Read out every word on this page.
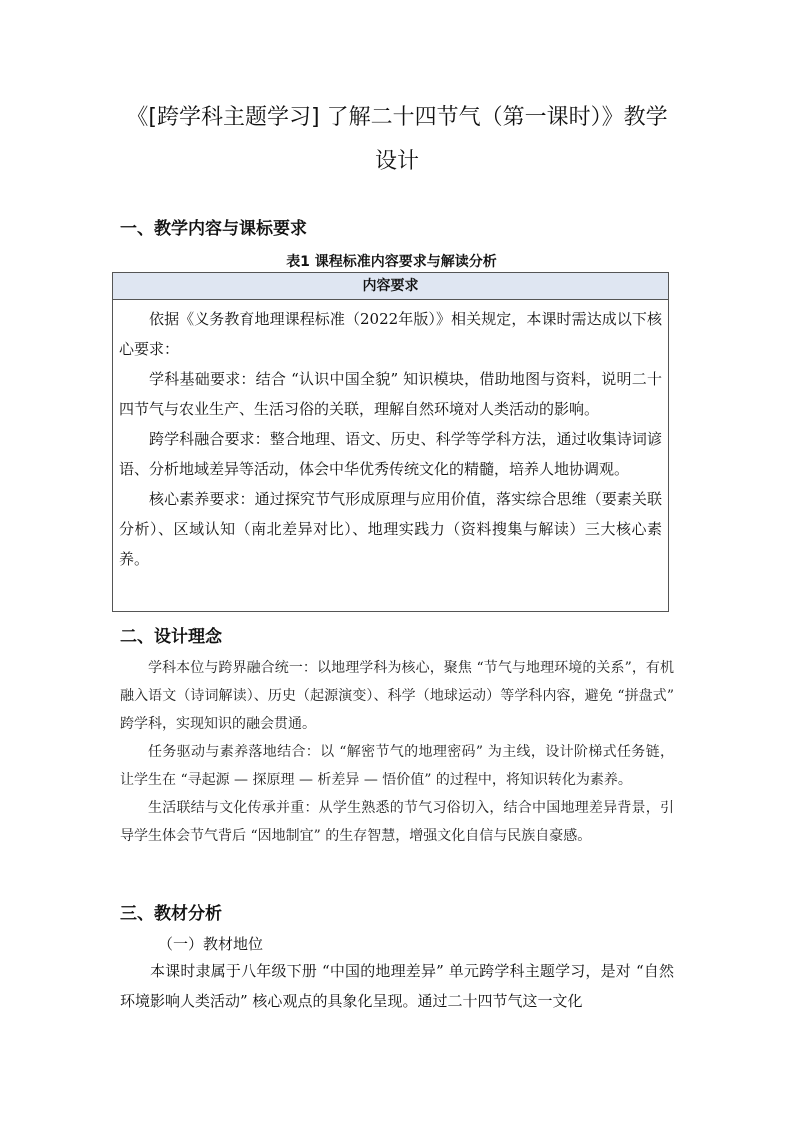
《[跨学科主题学习] 了解二十四节气（第一课时）》教学
设计
一、教学内容与课标要求
表1 课程标准内容要求与解读分析
内容要求

依据《义务教育地理课程标准（2022年版）》相关规定，本课时需达成以下核心要求：

学科基础要求：结合 “认识中国全貌” 知识模块，借助地图与资料，说明二十四节气与农业生产、生活习俗的关联，理解自然环境对人类活动的影响。

跨学科融合要求：整合地理、语文、历史、科学等学科方法，通过收集诗词谚语、分析地域差异等活动，体会中华优秀传统文化的精髓，培养人地协调观。

核心素养要求：通过探究节气形成原理与应用价值，落实综合思维（要素关联分析）、区域认知（南北差异对比）、地理实践力（资料搜集与解读）三大核心素养。

二、设计理念

学科本位与跨界融合统一：以地理学科为核心，聚焦 “节气与地理环境的关系”，有机融入语文（诗词解读）、历史（起源演变）、科学（地球运动）等学科内容，避免 “拼盘式” 跨学科，实现知识的融会贯通。

任务驱动与素养落地结合：以 “解密节气的地理密码” 为主线，设计阶梯式任务链，让学生在 “寻起源 — 探原理 — 析差异 — 悟价值” 的过程中，将知识转化为素养。

生活联结与文化传承并重：从学生熟悉的节气习俗切入，结合中国地理差异背景，引导学生体会节气背后 “因地制宜” 的生存智慧，增强文化自信与民族自豪感。

三、教材分析
（一）教材地位

本课时隶属于八年级下册 “中国的地理差异” 单元跨学科主题学习，是对 “自然环境影响人类活动” 核心观点的具象化呈现。通过二十四节气这一文化
